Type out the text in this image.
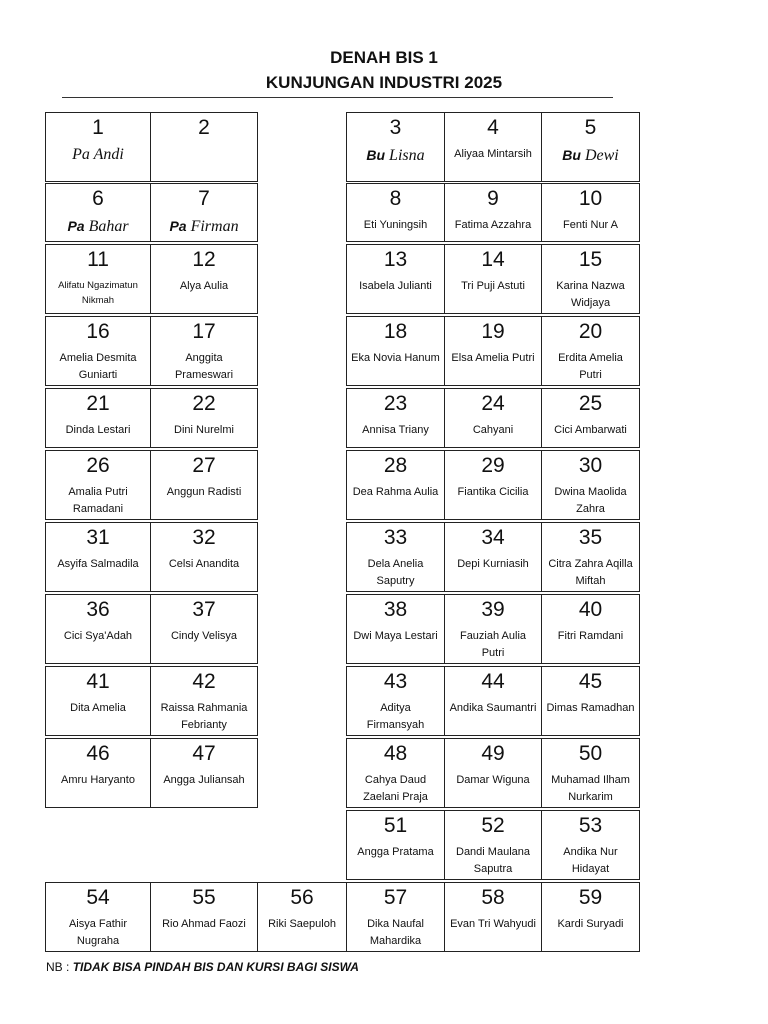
DENAH BIS 1
KUNJUNGAN INDUSTRI 2025
1
Pa Andi
2	3
Bu Lisna
4
Aliyaa Mintarsih
5
Bu Dewi
6
Pa Bahar
7
Pa Firman
8
Eti Yuningsih
9
Fatima Azzahra
10
Fenti Nur A
11
Alifatu Ngazimatun Nikmah
12
Alya Aulia
13
Isabela Julianti
14
Tri Puji Astuti
15
Karina Nazwa Widjaya
16
Amelia Desmita Guniarti
17
Anggita Prameswari
18
Eka Novia Hanum
19
Elsa Amelia Putri
20
Erdita Amelia Putri
21
Dinda Lestari
22
Dini Nurelmi
23
Annisa Triany
24
Cahyani
25
Cici Ambarwati
26
Amalia Putri Ramadani
27
Anggun Radisti
28
Dea Rahma Aulia
29
Fiantika Cicilia
30
Dwina Maolida Zahra
31
Asyifa Salmadila
32
Celsi Anandita
33
Dela Anelia Saputry
34
Depi Kurniasih
35
Citra Zahra Aqilla Miftah
36
Cici Sya'Adah
37
Cindy Velisya
38
Dwi Maya Lestari
39
Fauziah Aulia Putri
40
Fitri Ramdani
41
Dita Amelia
42
Raissa Rahmania Febrianty
43
Aditya Firmansyah
44
Andika Saumantri
45
Dimas Ramadhan
46
Amru Haryanto
47
Angga Juliansah
48
Cahya Daud Zaelani Praja
49
Damar Wiguna
50
Muhamad Ilham Nurkarim
51
Angga Pratama
52
Dandi Maulana Saputra
53
Andika Nur Hidayat
54
Aisya Fathir Nugraha
55
Rio Ahmad Faozi
56
Riki Saepuloh
57
Dika Naufal Mahardika
58
Evan Tri Wahyudi
59
Kardi Suryadi
NB : TIDAK BISA PINDAH BIS DAN KURSI BAGI SISWA
